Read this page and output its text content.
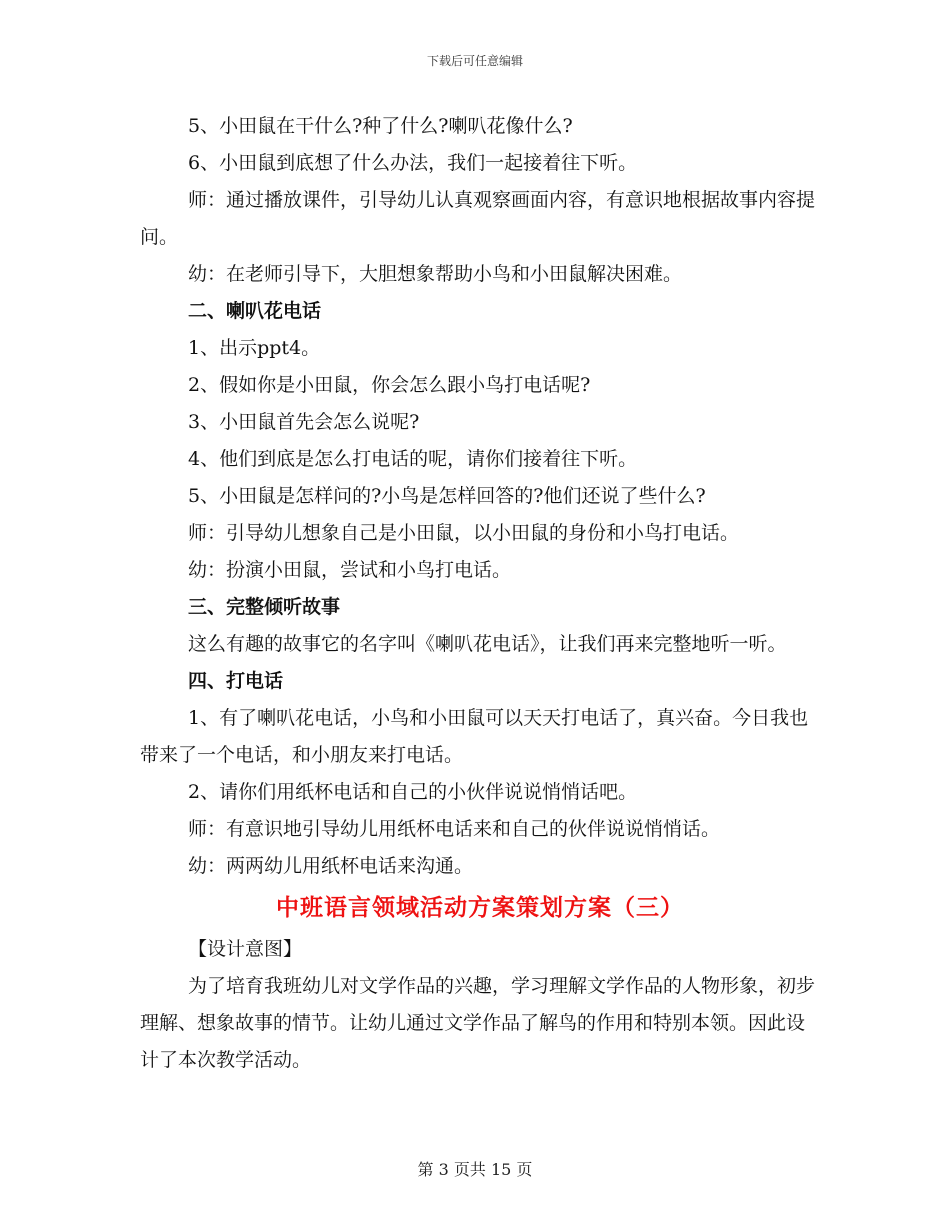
下载后可任意编辑

5、小田鼠在干什么?种了什么?喇叭花像什么?

6、小田鼠到底想了什么办法，我们一起接着往下听。

师：通过播放课件，引导幼儿认真观察画面内容，有意识地根据故事内容提问。

幼：在老师引导下，大胆想象帮助小鸟和小田鼠解决困难。

二、喇叭花电话

1、出示ppt4。

2、假如你是小田鼠，你会怎么跟小鸟打电话呢?

3、小田鼠首先会怎么说呢?

4、他们到底是怎么打电话的呢，请你们接着往下听。

5、小田鼠是怎样问的?小鸟是怎样回答的?他们还说了些什么?

师：引导幼儿想象自己是小田鼠，以小田鼠的身份和小鸟打电话。

幼：扮演小田鼠，尝试和小鸟打电话。

三、完整倾听故事

这么有趣的故事它的名字叫《喇叭花电话》，让我们再来完整地听一听。

四、打电话

1、有了喇叭花电话，小鸟和小田鼠可以天天打电话了，真兴奋。今日我也带来了一个电话，和小朋友来打电话。

2、请你们用纸杯电话和自己的小伙伴说说悄悄话吧。

师：有意识地引导幼儿用纸杯电话来和自己的伙伴说说悄悄话。

幼：两两幼儿用纸杯电话来沟通。

中班语言领域活动方案策划方案（三）

【设计意图】

为了培育我班幼儿对文学作品的兴趣，学习理解文学作品的人物形象，初步理解、想象故事的情节。让幼儿通过文学作品了解鸟的作用和特别本领。因此设计了本次教学活动。

第 3 页共 15 页
